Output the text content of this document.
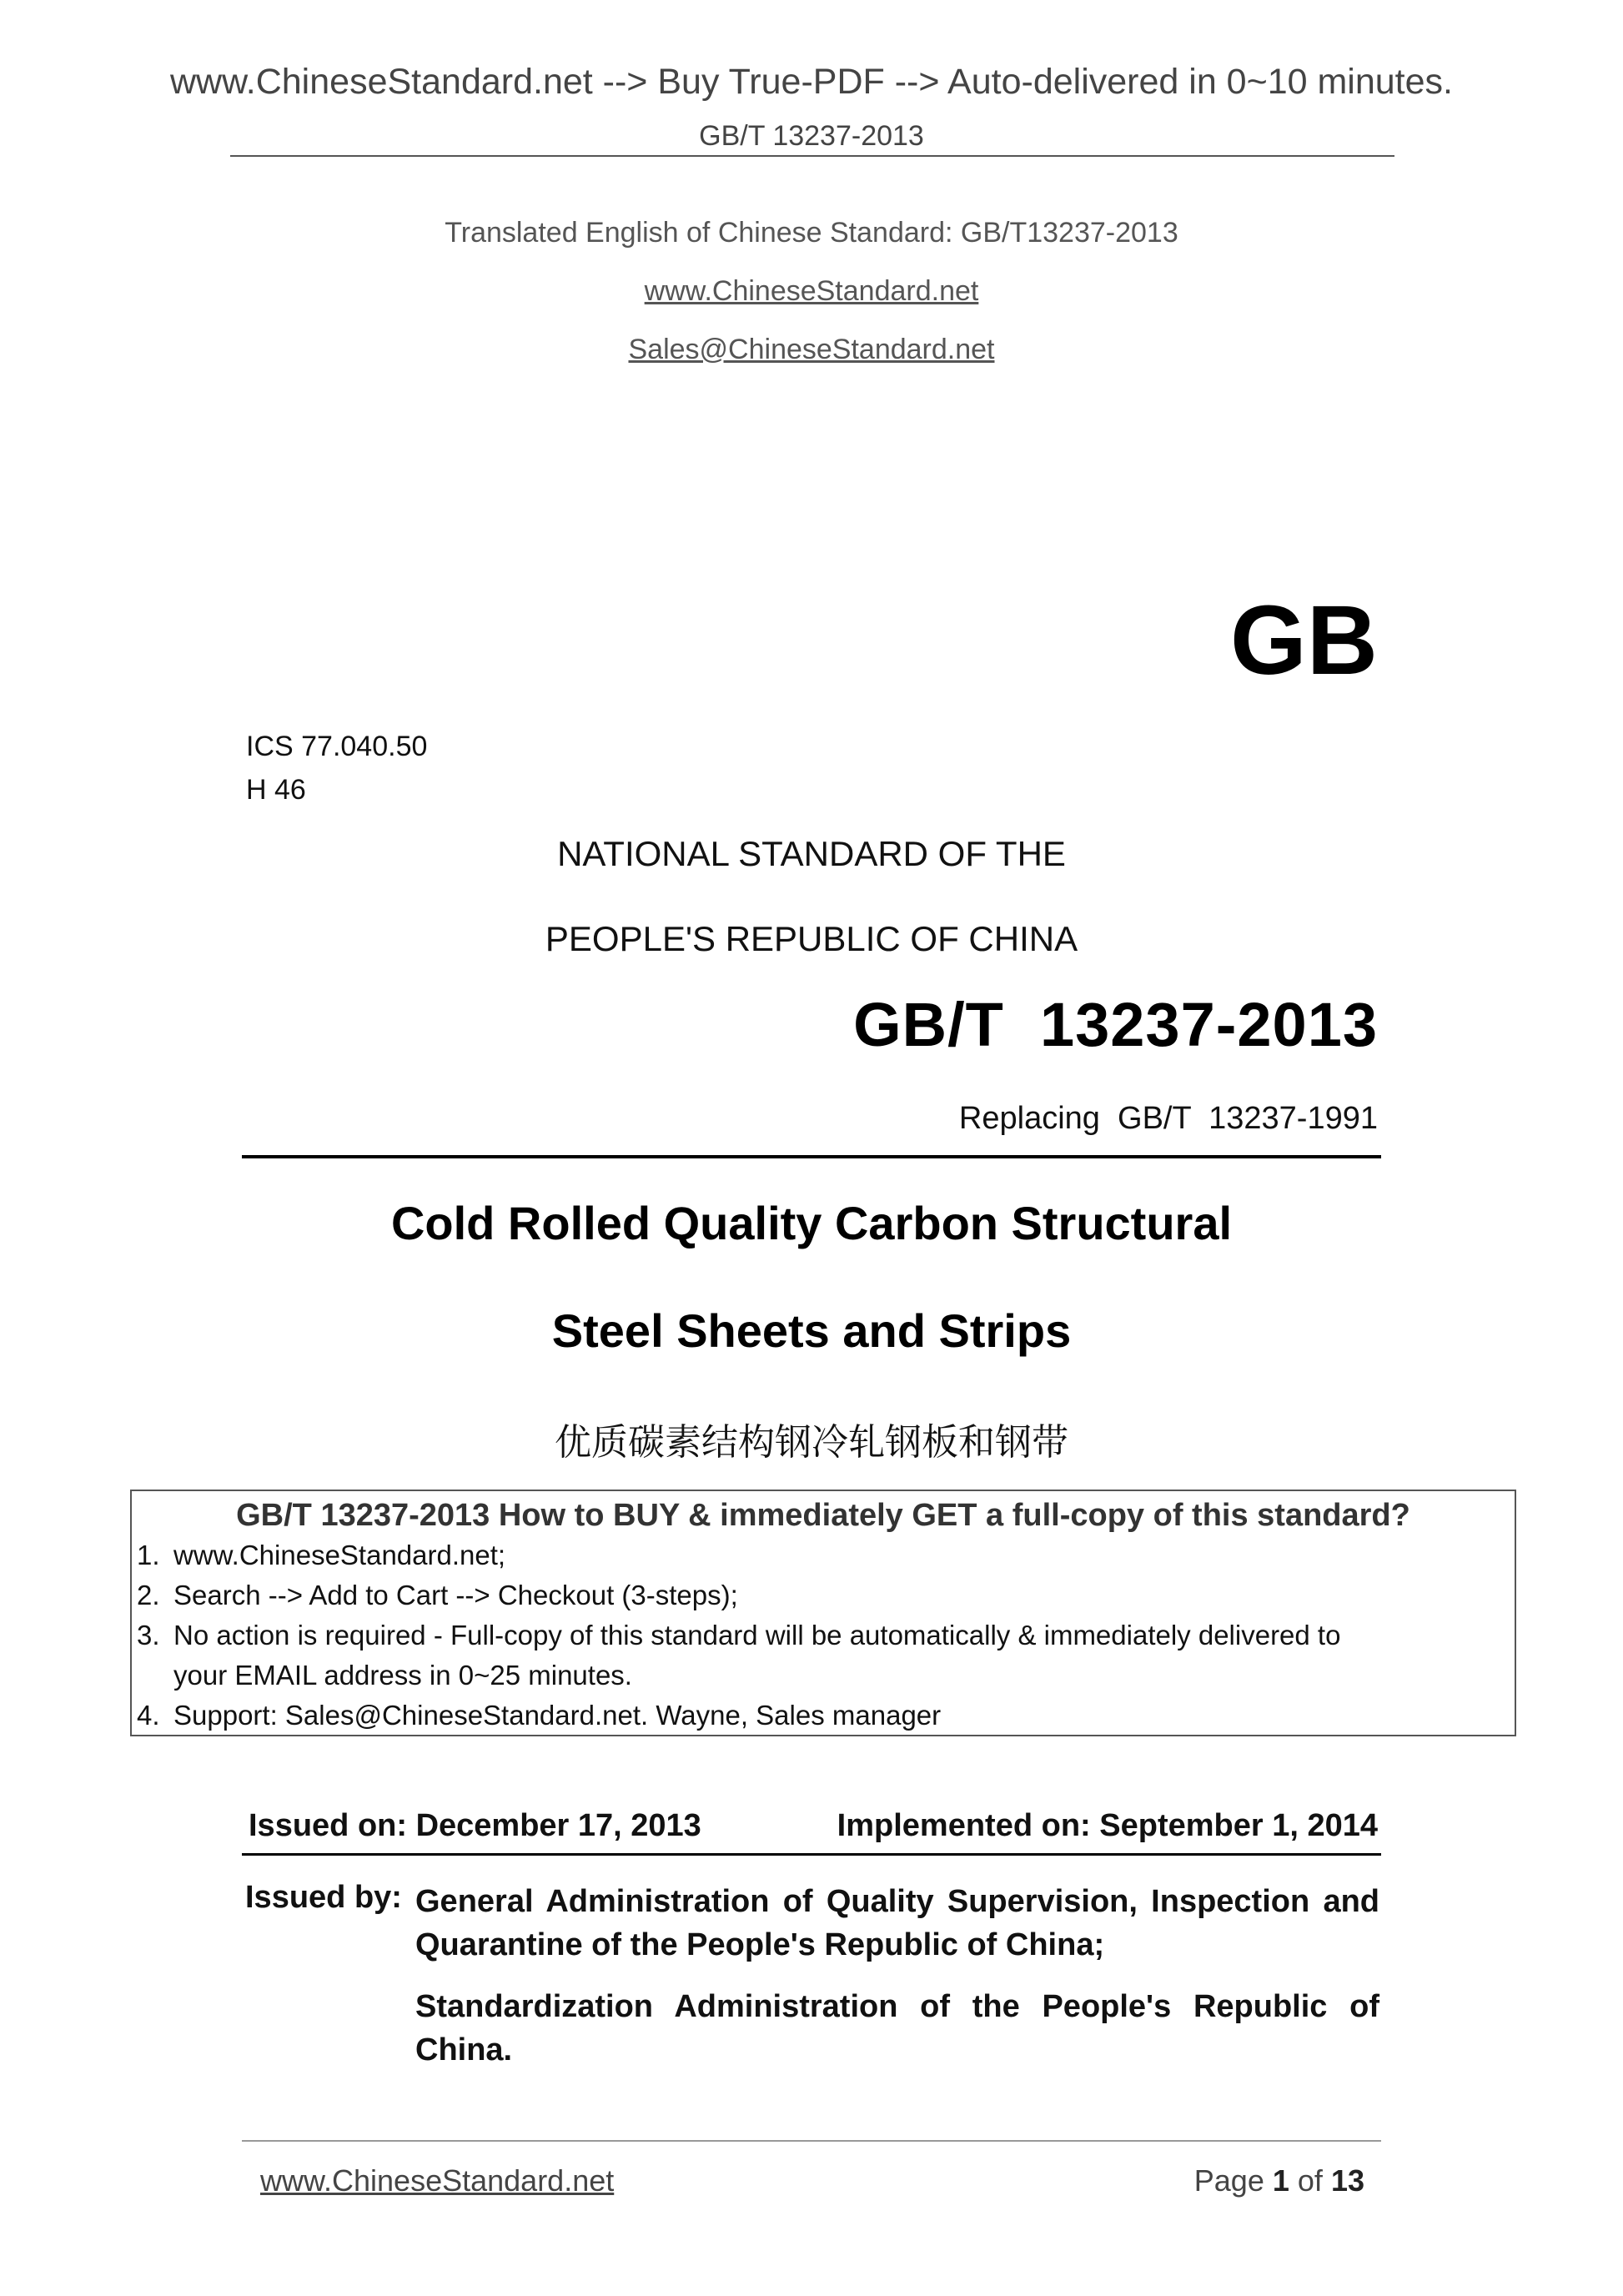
www.ChineseStandard.net --> Buy True-PDF --> Auto-delivered in 0~10 minutes.
GB/T 13237-2013
Translated English of Chinese Standard: GB/T13237-2013
www.ChineseStandard.net
Sales@ChineseStandard.net
GB
ICS 77.040.50
H 46
NATIONAL STANDARD OF THE
PEOPLE'S REPUBLIC OF CHINA
GB/T  13237-2013
Replacing  GB/T  13237-1991
Cold Rolled Quality Carbon Structural
Steel Sheets and Strips
优质碳素结构钢冷轧钢板和钢带
GB/T 13237-2013 How to BUY & immediately GET a full-copy of this standard?
1. www.ChineseStandard.net;
2. Search --> Add to Cart --> Checkout (3-steps);
3. No action is required - Full-copy of this standard will be automatically & immediately delivered to
your EMAIL address in 0~25 minutes.
4. Support: Sales@ChineseStandard.net. Wayne, Sales manager
Issued on: December 17, 2013	Implemented on: September 1, 2014
Issued by: General Administration of Quality Supervision, Inspection and Quarantine of the People's Republic of China;
Standardization Administration of the People's Republic of China.
www.ChineseStandard.net	Page 1 of 13
